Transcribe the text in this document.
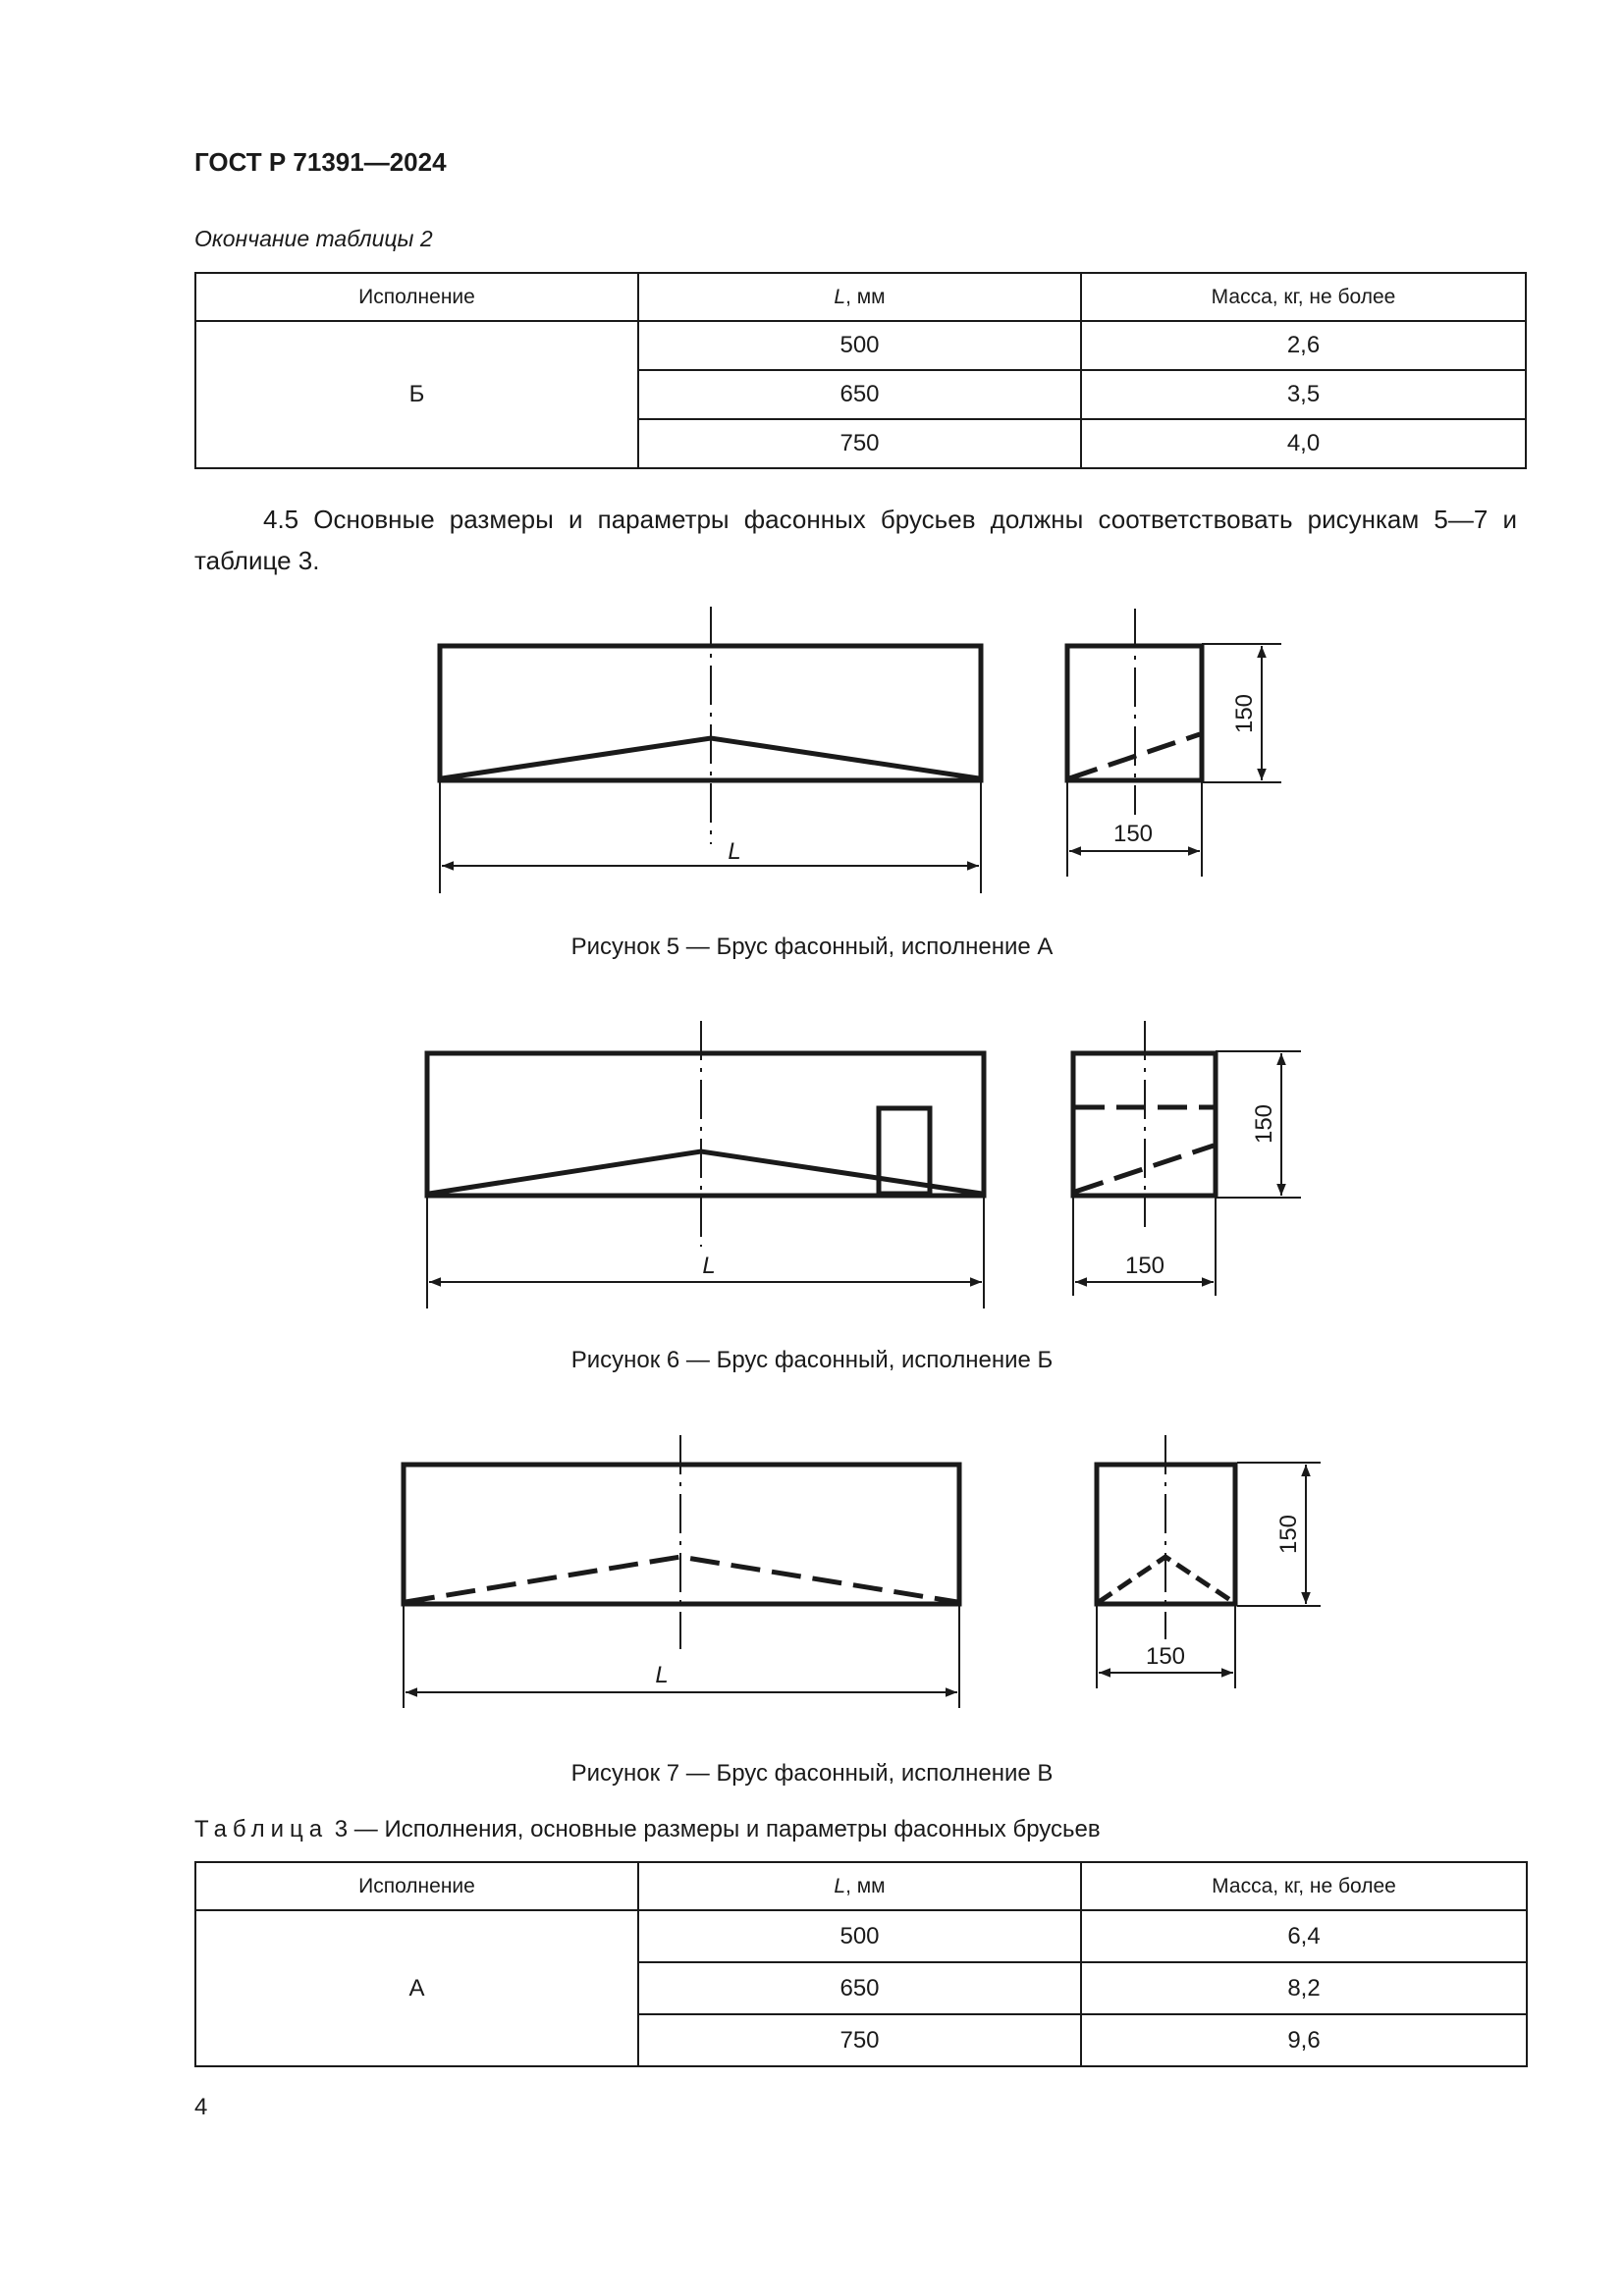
ГОСТ Р 71391—2024
Окончание таблицы 2
Исполнение	L, мм	Масса, кг, не более
Б	500	2,6
	650	3,5
	750	4,0
4.5 Основные размеры и параметры фасонных брусьев должны соответствовать рисункам 5—7 и таблице 3.
L
150
150
Рисунок 5 — Брус фасонный, исполнение А
L
150
150
Рисунок 6 — Брус фасонный, исполнение Б
L
150
150
Рисунок 7 — Брус фасонный, исполнение В
Таблица 3 — Исполнения, основные размеры и параметры фасонных брусьев
Исполнение	L, мм	Масса, кг, не более
А	500	6,4
	650	8,2
	750	9,6
4
